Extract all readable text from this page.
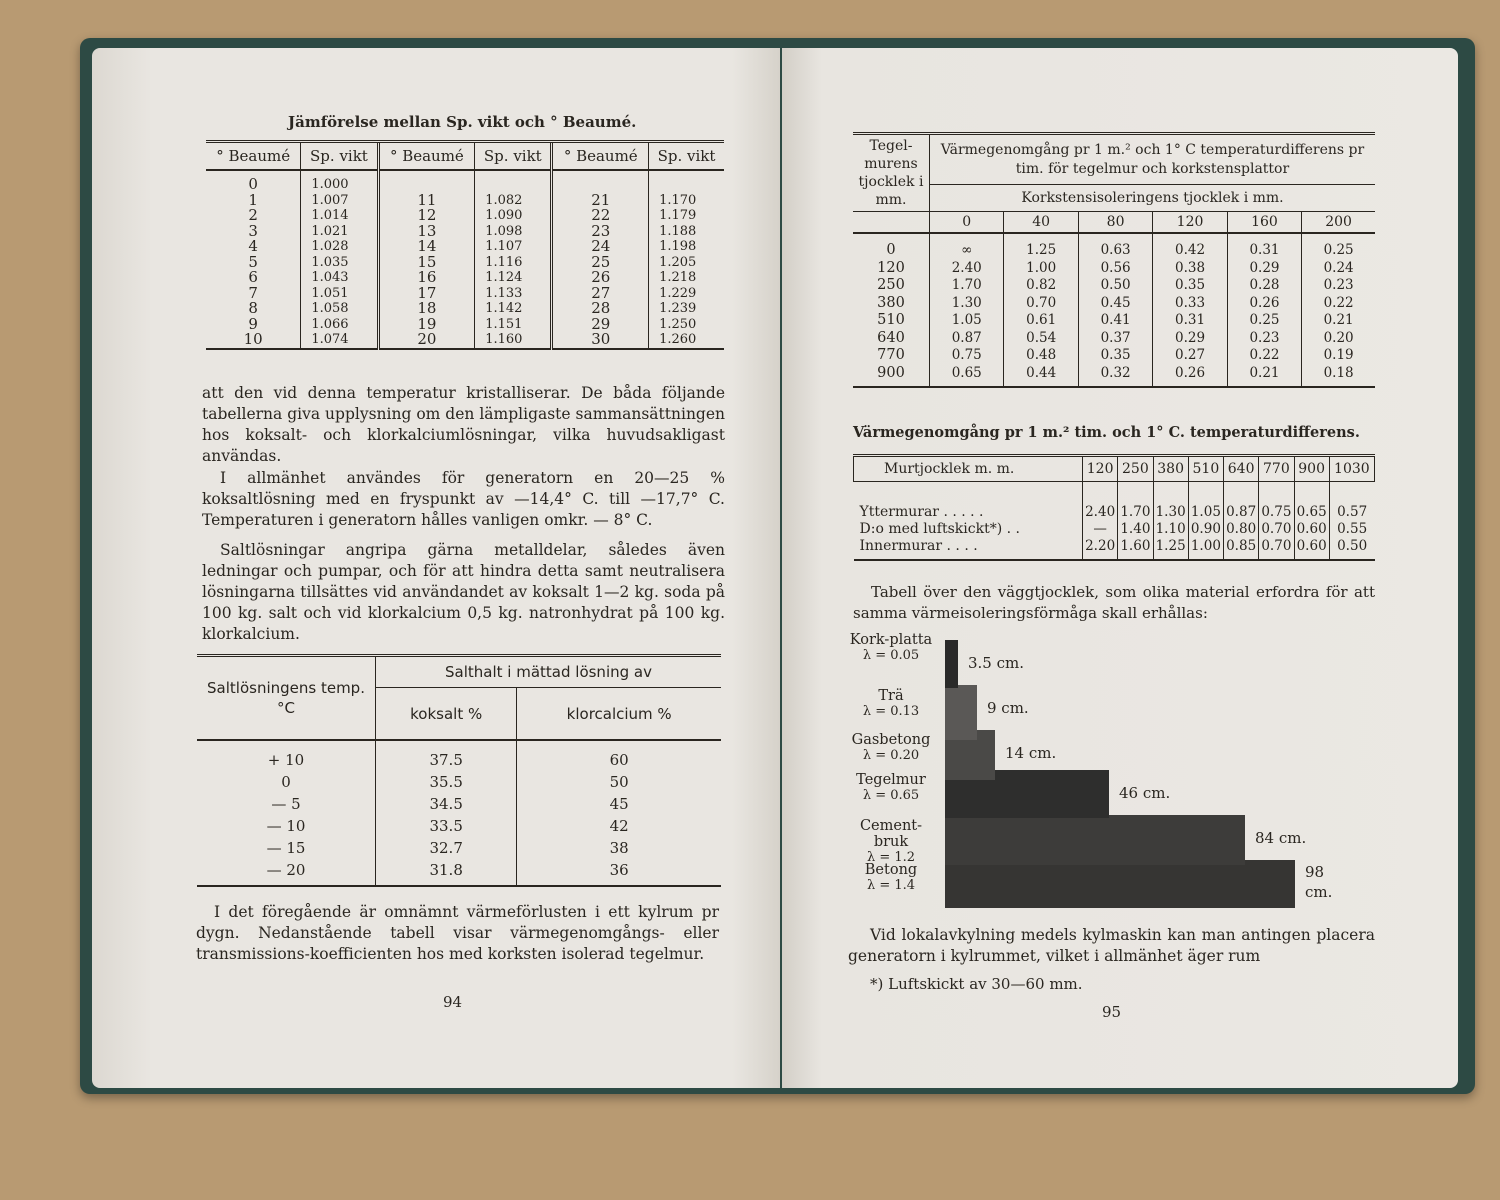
Jämförelse mellan Sp. vikt och ° Beaumé.
° Beaumé	Sp. vikt	° Beaumé	Sp. vikt	° Beaumé	Sp. vikt
0	1.000				
1	1.007	11	1.082	21	1.170
2	1.014	12	1.090	22	1.179
3	1.021	13	1.098	23	1.188
4	1.028	14	1.107	24	1.198
5	1.035	15	1.116	25	1.205
6	1.043	16	1.124	26	1.218
7	1.051	17	1.133	27	1.229
8	1.058	18	1.142	28	1.239
9	1.066	19	1.151	29	1.250
10	1.074	20	1.160	30	1.260
att den vid denna temperatur kristalliserar. De båda följande tabellerna giva upplysning om den lämpligaste sammansättningen hos koksalt- och klorkalciumlösningar, vilka huvudsakligast användas.
I allmänhet användes för generatorn en 20—25 % koksaltlösning med en fryspunkt av —14,4° C. till —17,7° C. Temperaturen i generatorn hålles vanligen omkr. — 8° C.
Saltlösningar angripa gärna metalldelar, således även ledningar och pumpar, och för att hindra detta samt neutralisera lösningarna tillsättes vid användandet av koksalt 1—2 kg. soda på 100 kg. salt och vid klorkalcium 0,5 kg. natronhydrat på 100 kg. klorkalcium.
Saltlösningens temp. °C	Salthalt i mättad lösning av	
	koksalt %	klorcalcium %
+ 10	37.5	60
0	35.5	50
— 5	34.5	45
— 10	33.5	42
— 15	32.7	38
— 20	31.8	36
I det föregående är omnämnt värmeförlusten i ett kylrum pr dygn. Nedanstående tabell visar värmegenomgångs- eller transmissions-koefficienten hos med korksten isolerad tegelmur.
94
Tegel-murens tjocklek i mm.	Värmegenomgång pr 1 m.² och 1° C temperaturdifferens pr tim. för tegelmur och korkstensplattor					
	Korkstensisoleringens tjocklek i mm.					
	0	40	80	120	160	200
0	∞	1.25	0.63	0.42	0.31	0.25
120	2.40	1.00	0.56	0.38	0.29	0.24
250	1.70	0.82	0.50	0.35	0.28	0.23
380	1.30	0.70	0.45	0.33	0.26	0.22
510	1.05	0.61	0.41	0.31	0.25	0.21
640	0.87	0.54	0.37	0.29	0.23	0.20
770	0.75	0.48	0.35	0.27	0.22	0.19
900	0.65	0.44	0.32	0.26	0.21	0.18
Värmegenomgång pr 1 m.² tim. och 1° C. temperaturdifferens.
Murtjocklek m. m.	120	250	380	510	640	770	900	1030
Yttermurar . . . . .	2.40	1.70	1.30	1.05	0.87	0.75	0.65	0.57
D:o med luftskickt*) . .	—	1.40	1.10	0.90	0.80	0.70	0.60	0.55
Innermurar . . . .	2.20	1.60	1.25	1.00	0.85	0.70	0.60	0.50
Tabell över den väggtjocklek, som olika material erfordra för att samma värmeisoleringsförmåga skall erhållas:
Kork-platta
λ = 0.05	3.5 cm.
Trä
λ = 0.13	9 cm.
Gasbetong
λ = 0.20	14 cm.
Tegelmur
λ = 0.65	46 cm.
Cement-bruk
λ = 1.2
84 cm.
Betong
λ = 1.4
98 cm.
Vid lokalavkylning medels kylmaskin kan man antingen placera generatorn i kylrummet, vilket i allmänhet äger rum
*) Luftskickt av 30—60 mm.
95
